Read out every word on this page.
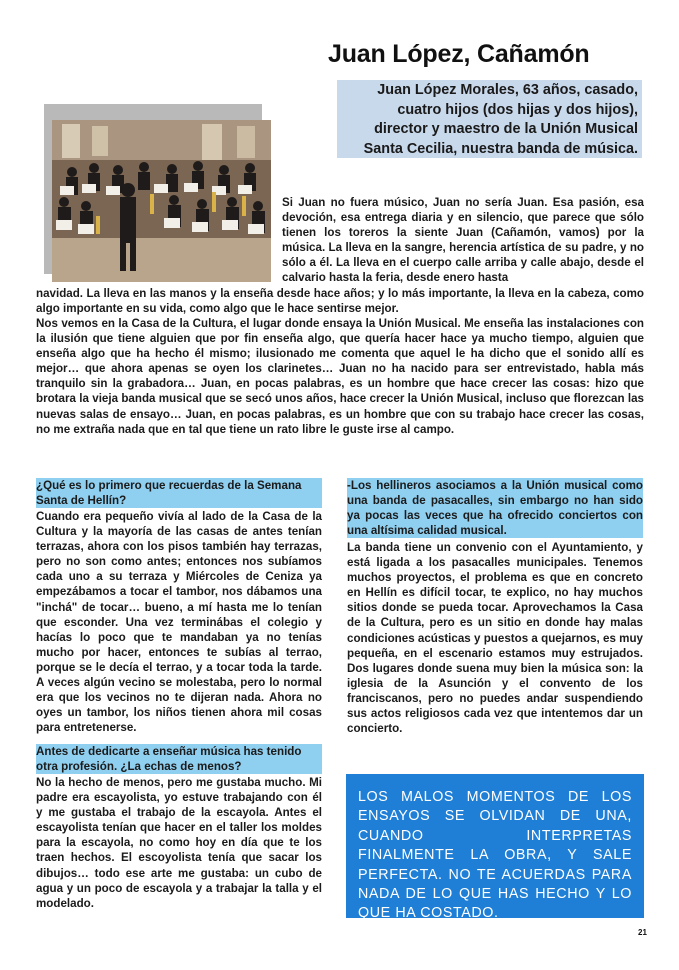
Juan López, Cañamón

Juan López Morales, 63 años, casado, cuatro hijos (dos hijas y dos hijos), director y maestro de la Unión Musical Santa Cecilia, nuestra banda de música.

Si Juan no fuera músico, Juan no sería Juan. Esa pasión, esa devoción, esa entrega diaria y en silencio, que parece que sólo tienen los toreros la siente Juan (Cañamón, vamos) por la música. La lleva en la sangre, herencia artística de su padre, y no sólo a él. La lleva en el cuerpo calle arriba y calle abajo, desde el calvario hasta la feria, desde enero hasta

navidad. La lleva en las manos y la enseña desde hace años; y lo más importante, la lleva en la cabeza, como algo importante en su vida, como algo que le hace sentirse mejor.

Nos vemos en la Casa de la Cultura, el lugar donde ensaya la Unión Musical. Me enseña las instalaciones con la ilusión que tiene alguien que por fin enseña algo, que quería hacer hace ya mucho tiempo, alguien que enseña algo que ha hecho él mismo; ilusionado me comenta que aquel le ha dicho que el sonido allí es mejor… que ahora apenas se oyen los clarinetes… Juan no ha nacido para ser entrevistado, habla más tranquilo sin la grabadora… Juan, en pocas palabras, es un hombre que hace crecer las cosas: hizo que brotara la vieja banda musical que se secó unos años, hace crecer la Unión Musical, incluso que florezcan las nuevas salas de ensayo… Juan, en pocas palabras, es un hombre que con su trabajo hace crecer las cosas, no me extraña nada que en tal que tiene un rato libre le guste irse al campo.

¿Qué es lo primero que recuerdas de la Semana Santa de Hellín?

Cuando era pequeño vivía al lado de la Casa de la Cultura y la mayoría de las casas de antes tenían terrazas, ahora con los pisos también hay terrazas, pero no son como antes; entonces nos subíamos cada uno a su terraza y Miércoles de Ceniza ya empezábamos a tocar el tambor, nos dábamos una "inchá" de tocar… bueno, a mí hasta me lo tenían que esconder. Una vez terminábas el colegio y hacías lo poco que te mandaban ya no tenías mucho por hacer, entonces te subías al terrao, porque se le decía el terrao, y a tocar toda la tarde. A veces algún vecino se molestaba, pero lo normal era que los vecinos no te dijeran nada. Ahora no oyes un tambor, los niños tienen ahora mil cosas para entretenerse.

Antes de dedicarte a enseñar música has tenido otra profesión. ¿La echas de menos?

No la hecho de menos, pero me gustaba mucho. Mi padre era escayolista, yo estuve trabajando con él y me gustaba el trabajo de la escayola. Antes el escayolista tenían que hacer en el taller los moldes para la escayola, no como hoy en día que te los traen hechos. El escoyolista tenía que sacar los dibujos… todo ese arte me gustaba: un cubo de agua y un poco de escayola y a trabajar la talla y el modelado.

-Los hellineros asociamos a la Unión musical como una banda de pasacalles, sin embargo no han sido ya pocas las veces que ha ofrecido conciertos con una altísima calidad musical.

La banda tiene un convenio con el Ayuntamiento, y está ligada a los pasacalles municipales. Tenemos muchos proyectos, el problema es que en concreto en Hellín es difícil tocar, te explico, no hay muchos sitios donde se pueda tocar. Aprovechamos la Casa de la Cultura, pero es un sitio en donde hay malas condiciones acústicas y puestos a quejarnos, es muy pequeña, en el escenario estamos muy estrujados. Dos lugares donde suena muy bien la música son: la iglesia de la Asunción y el convento de los franciscanos, pero no puedes andar suspendiendo sus actos religiosos cada vez que intentemos dar un concierto.

LOS MALOS MOMENTOS DE LOS ENSAYOS SE OLVIDAN DE UNA, CUANDO INTERPRETAS FINALMENTE LA OBRA, Y SALE PERFECTA. NO TE ACUERDAS PARA NADA DE LO QUE HAS HECHO Y LO QUE HA COSTADO.

21
